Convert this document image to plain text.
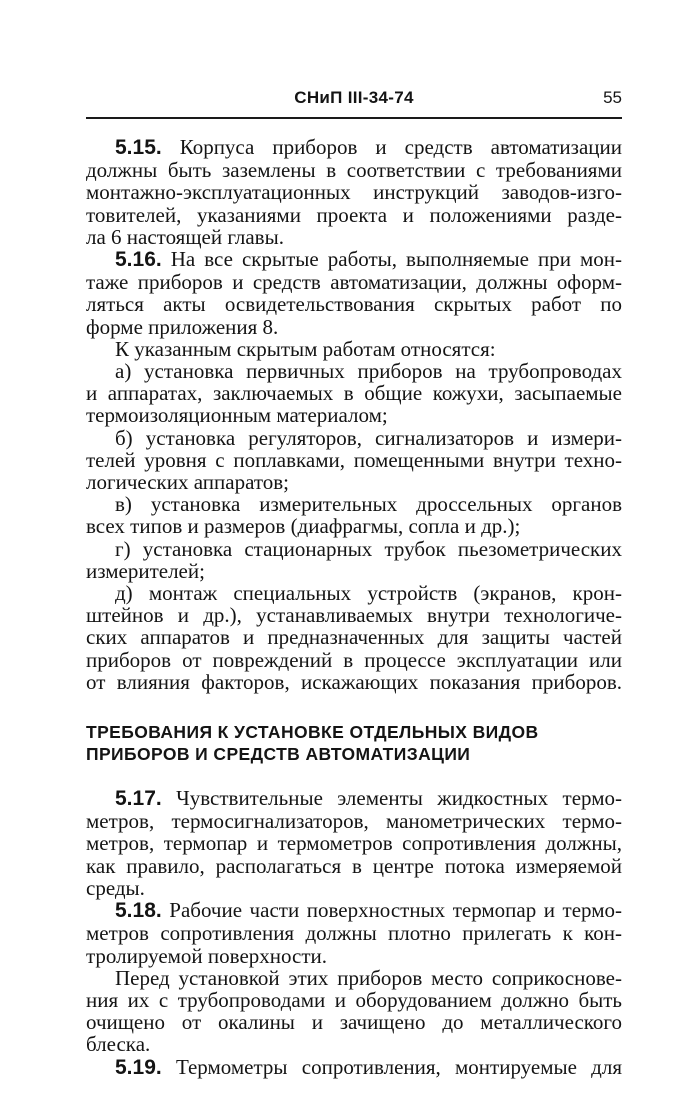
СНиП III-34-74	55
5.15. Корпуса приборов и средств автоматизации
должны быть заземлены в соответствии с требованиями
монтажно-эксплуатационных инструкций заводов-изго-
товителей, указаниями проекта и положениями разде-
ла 6 настоящей главы.
5.16. На все скрытые работы, выполняемые при мон-
таже приборов и средств автоматизации, должны оформ-
ляться акты освидетельствования скрытых работ по
форме приложения 8.
К указанным скрытым работам относятся:
а) установка первичных приборов на трубопроводах
и аппаратах, заключаемых в общие кожухи, засыпаемые
термоизоляционным материалом;
б) установка регуляторов, сигнализаторов и измери-
телей уровня с поплавками, помещенными внутри техно-
логических аппаратов;
в) установка измерительных дроссельных органов
всех типов и размеров (диафрагмы, сопла и др.);
г) установка стационарных трубок пьезометрических
измерителей;
д) монтаж специальных устройств (экранов, крон-
штейнов и др.), устанавливаемых внутри технологиче-
ских аппаратов и предназначенных для защиты частей
приборов от повреждений в процессе эксплуатации или
от влияния факторов, искажающих показания приборов.
ТРЕБОВАНИЯ К УСТАНОВКЕ ОТДЕЛЬНЫХ ВИДОВ
ПРИБОРОВ И СРЕДСТВ АВТОМАТИЗАЦИИ
5.17. Чувствительные элементы жидкостных термо-
метров, термосигнализаторов, манометрических термо-
метров, термопар и термометров сопротивления должны,
как правило, располагаться в центре потока измеряемой
среды.
5.18. Рабочие части поверхностных термопар и термо-
метров сопротивления должны плотно прилегать к кон-
тролируемой поверхности.
Перед установкой этих приборов место соприкоснове-
ния их с трубопроводами и оборудованием должно быть
очищено от окалины и зачищено до металлического
блеска.
5.19. Термометры сопротивления, монтируемые для
